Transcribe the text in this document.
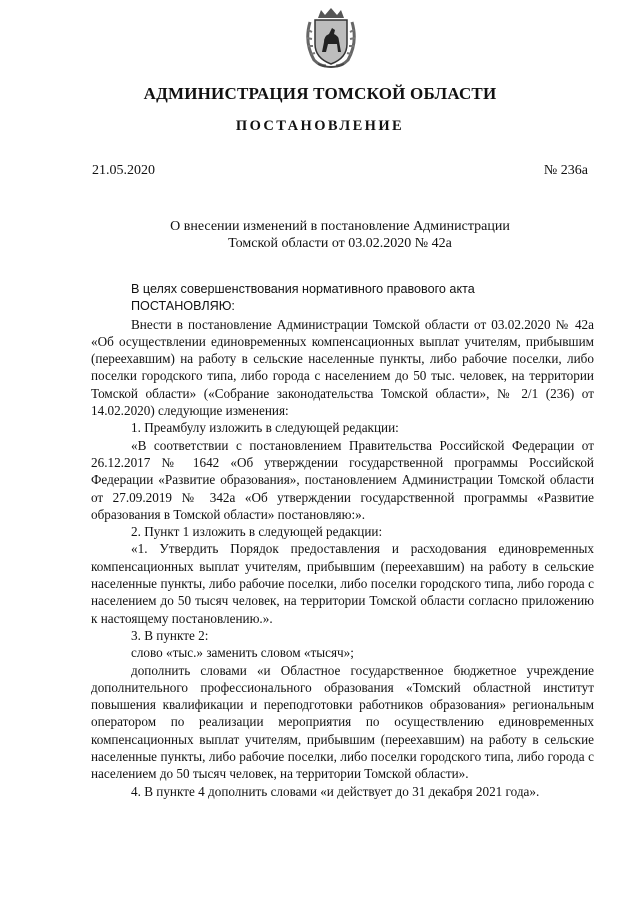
АДМИНИСТРАЦИЯ ТОМСКОЙ ОБЛАСТИ
ПОСТАНОВЛЕНИЕ
21.05.2020	№ 236а
О внесении изменений в постановление Администрации
Томской области от 03.02.2020 № 42а

В целях совершенствования нормативного правового акта

ПОСТАНОВЛЯЮ:

Внести в постановление Администрации Томской области от 03.02.2020 № 42а «Об осуществлении единовременных компенсационных выплат учителям, прибывшим (переехавшим) на работу в сельские населенные пункты, либо рабочие поселки, либо поселки городского типа, либо города с населением до 50 тыс. человек, на территории Томской области» («Собрание законодательства Томской области», № 2/1 (236) от 14.02.2020) следующие изменения:

1. Преамбулу изложить в следующей редакции:

«В соответствии с постановлением Правительства Российской Федерации от 26.12.2017 № 1642 «Об утверждении государственной программы Российской Федерации «Развитие образования», постановлением Администрации Томской области от 27.09.2019 № 342а «Об утверждении государственной программы «Развитие образования в Томской области» постановляю:».

2. Пункт 1 изложить в следующей редакции:

«1. Утвердить Порядок предоставления и расходования единовременных компенсационных выплат учителям, прибывшим (переехавшим) на работу в сельские населенные пункты, либо рабочие поселки, либо поселки городского типа, либо города с населением до 50 тысяч человек, на территории Томской области согласно приложению к настоящему постановлению.».

3. В пункте 2:

слово «тыс.» заменить словом «тысяч»;

дополнить словами «и Областное государственное бюджетное учреждение дополнительного профессионального образования «Томский областной институт повышения квалификации и переподготовки работников образования» региональным оператором по реализации мероприятия по осуществлению единовременных компенсационных выплат учителям, прибывшим (переехавшим) на работу в сельские населенные пункты, либо рабочие поселки, либо поселки городского типа, либо города с населением до 50 тысяч человек, на территории Томской области».

4. В пункте 4 дополнить словами «и действует до 31 декабря 2021 года».
